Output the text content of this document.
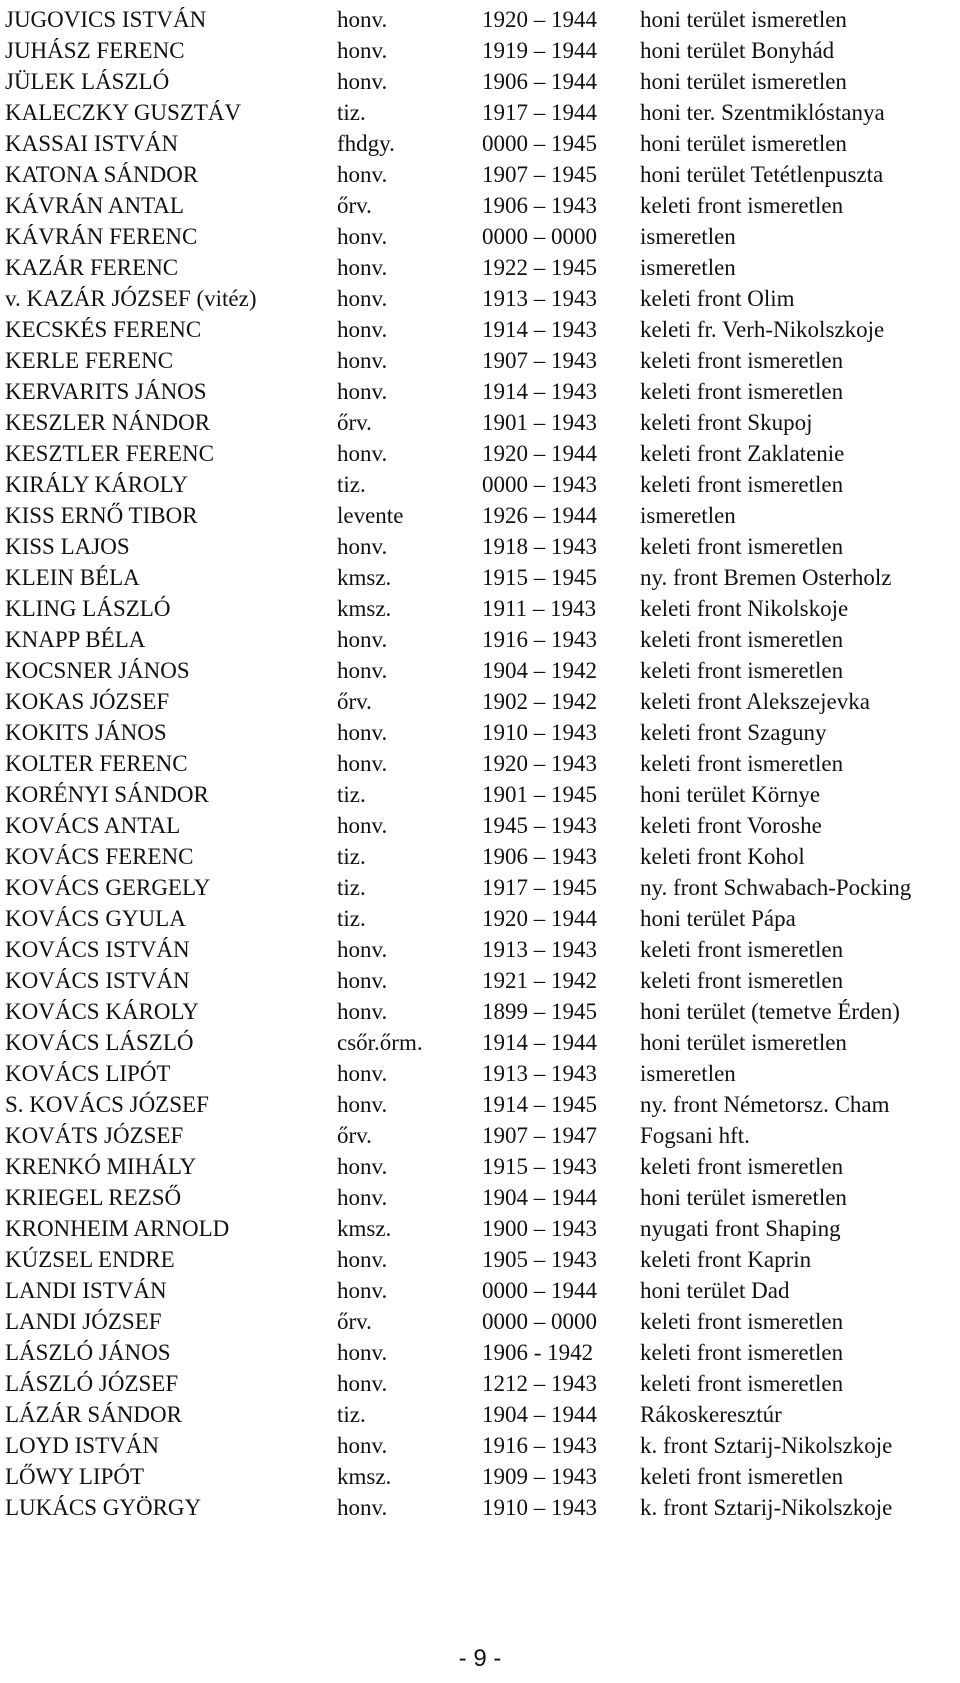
JUGOVICS ISTVÁN	honv.	1920 – 1944 honi terület ismeretlen
JUHÁSZ FERENC	honv.	1919 – 1944 honi terület Bonyhád
JÜLEK LÁSZLÓ	honv.	1906 – 1944 honi terület ismeretlen
KALECZKY GUSZTÁV	tiz.	1917 – 1944 honi ter. Szentmiklóstanya
KASSAI ISTVÁN	fhdgy.	0000 – 1945 honi terület ismeretlen
KATONA SÁNDOR	honv.	1907 – 1945 honi terület Tetétlenpuszta
KÁVRÁN ANTAL	őrv.	1906 – 1943 keleti front ismeretlen
KÁVRÁN FERENC	honv.	0000 – 0000 ismeretlen
KAZÁR FERENC	honv.	1922 – 1945 ismeretlen
v. KAZÁR JÓZSEF (vitéz)	honv.	1913 – 1943 keleti front Olim
KECSKÉS FERENC	honv.	1914 – 1943 keleti fr. Verh-Nikolszkoje
KERLE FERENC	honv.	1907 – 1943 keleti front ismeretlen
KERVARITS JÁNOS	honv.	1914 – 1943 keleti front ismeretlen
KESZLER NÁNDOR	őrv.	1901 – 1943 keleti front Skupoj
KESZTLER FERENC	honv.	1920 – 1944 keleti front Zaklatenie
KIRÁLY KÁROLY	tiz.	0000 – 1943 keleti front ismeretlen
KISS ERNŐ TIBOR	levente	1926 – 1944 ismeretlen
KISS LAJOS	honv.	1918 – 1943 keleti front ismeretlen
KLEIN BÉLA	kmsz.	1915 – 1945 ny. front Bremen Osterholz
KLING LÁSZLÓ	kmsz.	1911 – 1943 keleti front Nikolskoje
KNAPP BÉLA	honv.	1916 – 1943 keleti front ismeretlen
KOCSNER JÁNOS	honv.	1904 – 1942 keleti front ismeretlen
KOKAS JÓZSEF	őrv.	1902 – 1942 keleti front Alekszejevka
KOKITS JÁNOS	honv.	1910 – 1943 keleti front Szaguny
KOLTER FERENC	honv.	1920 – 1943 keleti front ismeretlen
KORÉNYI SÁNDOR	tiz.	1901 – 1945 honi terület Környe
KOVÁCS ANTAL	honv.	1945 – 1943 keleti front Voroshe
KOVÁCS FERENC	tiz.	1906 – 1943 keleti front Kohol
KOVÁCS GERGELY	tiz.	1917 – 1945 ny. front Schwabach-Pocking
KOVÁCS GYULA	tiz.	1920 – 1944 honi terület Pápa
KOVÁCS ISTVÁN	honv.	1913 – 1943 keleti front ismeretlen
KOVÁCS ISTVÁN	honv.	1921 – 1942 keleti front ismeretlen
KOVÁCS KÁROLY	honv.	1899 – 1945 honi terület (temetve Érden)
KOVÁCS LÁSZLÓ	csőr.őrm.	1914 – 1944 honi terület ismeretlen
KOVÁCS LIPÓT	honv.	1913 – 1943 ismeretlen
S. KOVÁCS JÓZSEF	honv.	1914 – 1945 ny. front Németorsz. Cham
KOVÁTS JÓZSEF	őrv.	1907 – 1947 Fogsani hft.
KRENKÓ MIHÁLY	honv.	1915 – 1943 keleti front ismeretlen
KRIEGEL REZSŐ	honv.	1904 – 1944 honi terület ismeretlen
KRONHEIM ARNOLD	kmsz.	1900 – 1943 nyugati front Shaping
KÚZSEL ENDRE	honv.	1905 – 1943 keleti front Kaprin
LANDI ISTVÁN	honv.	0000 – 1944 honi terület Dad
LANDI JÓZSEF	őrv.	0000 – 0000 keleti front ismeretlen
LÁSZLÓ JÁNOS	honv.	1906 - 1942 keleti front ismeretlen
LÁSZLÓ JÓZSEF	honv.	1212 – 1943 keleti front ismeretlen
LÁZÁR SÁNDOR	tiz.	1904 – 1944 Rákoskeresztúr
LOYD ISTVÁN	honv.	1916 – 1943 k. front Sztarij-Nikolszkoje
LŐWY LIPÓT	kmsz.	1909 – 1943 keleti front ismeretlen
LUKÁCS GYÖRGY	honv.	1910 – 1943 k. front Sztarij-Nikolszkoje
- 9 -
